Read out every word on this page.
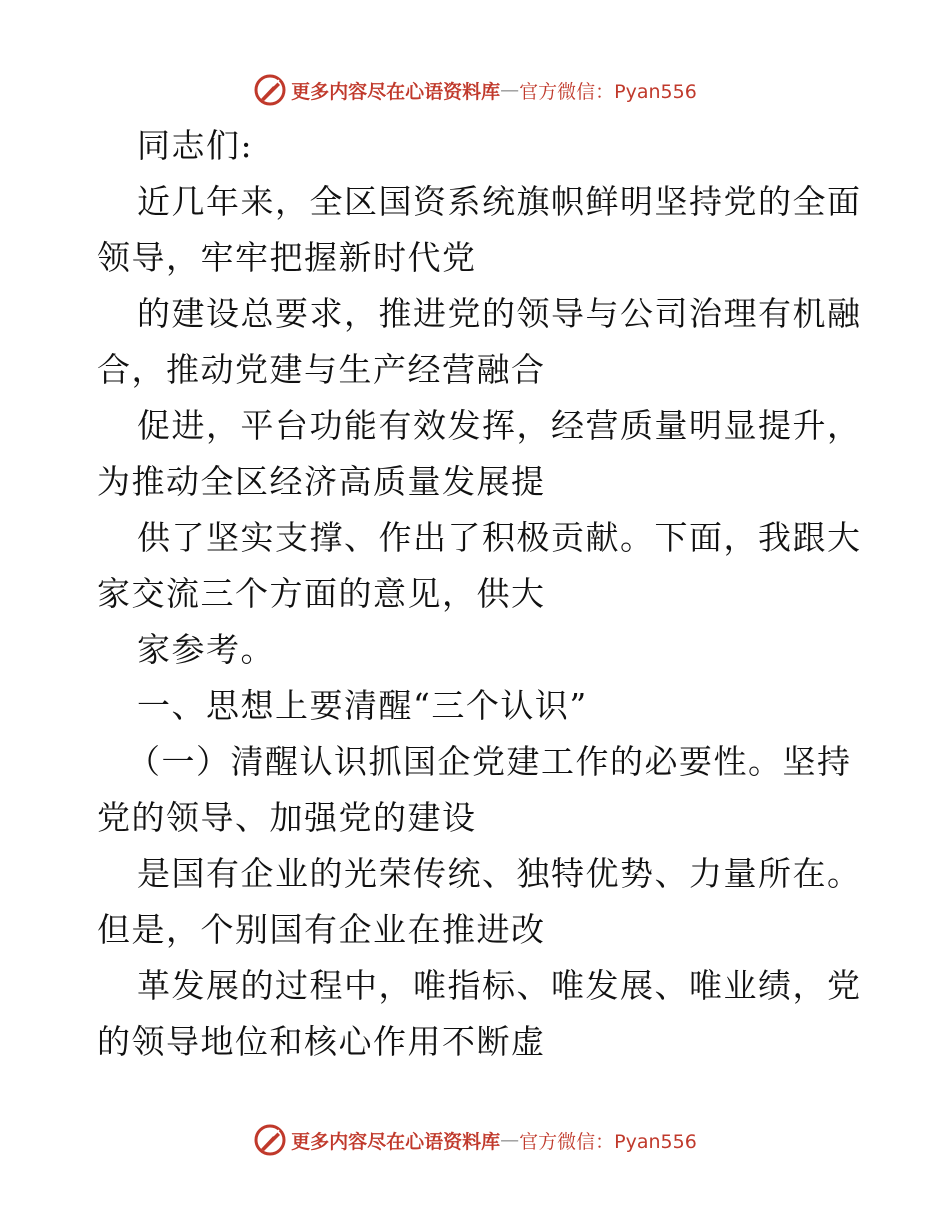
更多内容尽在心语资料库 — 官方微信：Pyan556
同志们:
近几年来，全区国资系统旗帜鲜明坚持党的全面
领导，牢牢把握新时代党
的建设总要求，推进党的领导与公司治理有机融
合，推动党建与生产经营融合
促进，平台功能有效发挥，经营质量明显提升，
为推动全区经济高质量发展提
供了坚实支撑、作出了积极贡献。下面，我跟大
家交流三个方面的意见，供大
家参考。
一、思想上要清醒“三个认识”
（一）清醒认识抓国企党建工作的必要性。坚持
党的领导、加强党的建设
是国有企业的光荣传统、独特优势、力量所在。
但是，个别国有企业在推进改
革发展的过程中，唯指标、唯发展、唯业绩，党
的领导地位和核心作用不断虚
更多内容尽在心语资料库 — 官方微信：Pyan556
